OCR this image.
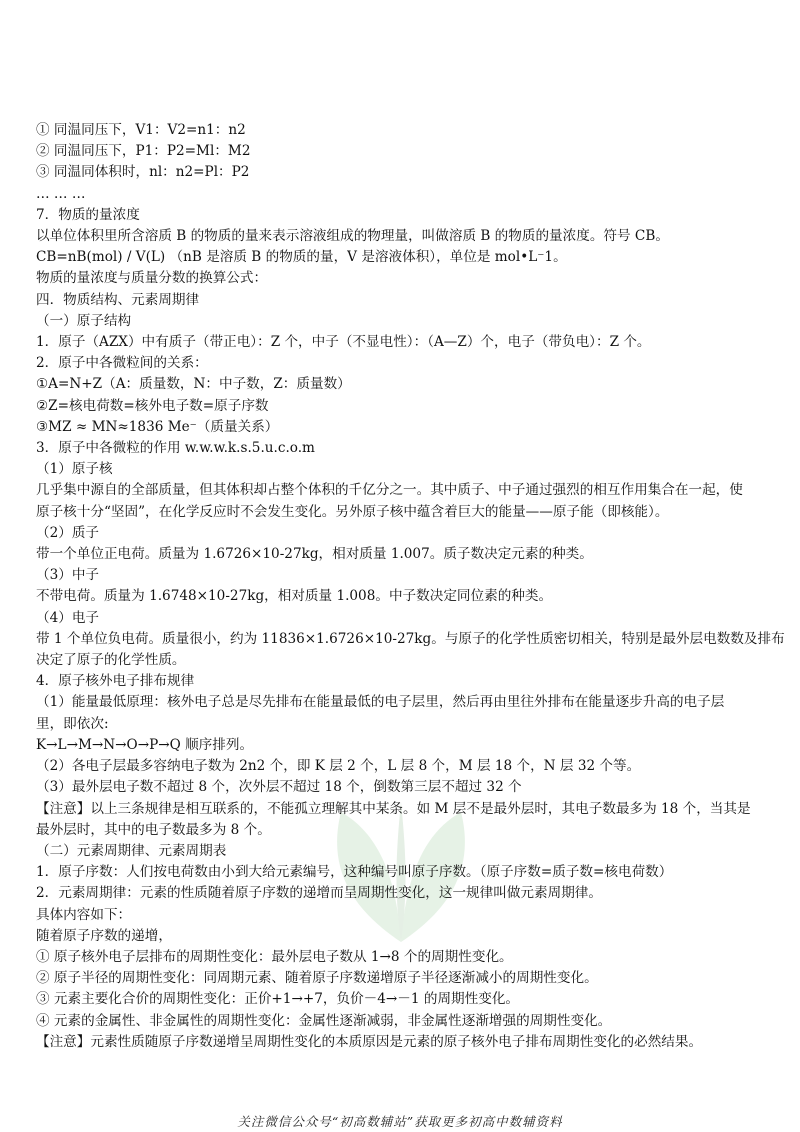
① 同温同压下，V1：V2=n1：n2
② 同温同压下，P1：P2=Ml：M2
③ 同温同体积时，nl：n2=Pl：P2
… … …
7．物质的量浓度
以单位体积里所含溶质 B 的物质的量来表示溶液组成的物理量，叫做溶质 B 的物质的量浓度。符号 CB。
CB=nB(mol) / V(L) （nB 是溶质 B 的物质的量，V 是溶液体积），单位是 mol•L⁻1。
物质的量浓度与质量分数的换算公式：
四．物质结构、元素周期律
（一）原子结构
1．原子（AZX）中有质子（带正电）：Z 个，中子（不显电性）：（A—Z）个，电子（带负电）：Z 个。
2．原子中各微粒间的关系：
①A=N+Z（A：质量数，N：中子数，Z：质量数）
②Z=核电荷数=核外电子数=原子序数
③MZ ≈ MN≈1836 Me⁻（质量关系）
3．原子中各微粒的作用 w.w.w.k.s.5.u.c.o.m
（1）原子核
几乎集中源自的全部质量，但其体积却占整个体积的千亿分之一。其中质子、中子通过强烈的相互作用集合在一起，使
原子核十分“坚固”，在化学反应时不会发生变化。另外原子核中蕴含着巨大的能量——原子能（即核能）。
（2）质子
带一个单位正电荷。质量为 1.6726×10-27kg，相对质量 1.007。质子数决定元素的种类。
（3）中子
不带电荷。质量为 1.6748×10-27kg，相对质量 1.008。中子数决定同位素的种类。
（4）电子
带 1 个单位负电荷。质量很小，约为 11836×1.6726×10-27kg。与原子的化学性质密切相关，特别是最外层电数数及排布
决定了原子的化学性质。
4．原子核外电子排布规律
（1）能量最低原理：核外电子总是尽先排布在能量最低的电子层里，然后再由里往外排布在能量逐步升高的电子层
里，即依次:
K→L→M→N→O→P→Q 顺序排列。
（2）各电子层最多容纳电子数为 2n2 个，即 K 层 2 个，L 层 8 个，M 层 18 个，N 层 32 个等。
（3）最外层电子数不超过 8 个，次外层不超过 18 个，倒数第三层不超过 32 个
【注意】以上三条规律是相互联系的，不能孤立理解其中某条。如 M 层不是最外层时，其电子数最多为 18 个，当其是
最外层时，其中的电子数最多为 8 个。
（二）元素周期律、元素周期表
1．原子序数：人们按电荷数由小到大给元素编号，这种编号叫原子序数。（原子序数=质子数=核电荷数）
2．元素周期律：元素的性质随着原子序数的递增而呈周期性变化，这一规律叫做元素周期律。
具体内容如下：
随着原子序数的递增，
① 原子核外电子层排布的周期性变化：最外层电子数从 1→8 个的周期性变化。
② 原子半径的周期性变化：同周期元素、随着原子序数递增原子半径逐渐减小的周期性变化。
③ 元素主要化合价的周期性变化：正价+1→+7，负价－4→－1 的周期性变化。
④ 元素的金属性、非金属性的周期性变化：金属性逐渐减弱，非金属性逐渐增强的周期性变化。
【注意】元素性质随原子序数递增呈周期性变化的本质原因是元素的原子核外电子排布周期性变化的必然结果。
关注微信公众号“初高数辅站”获取更多初高中数辅资料
